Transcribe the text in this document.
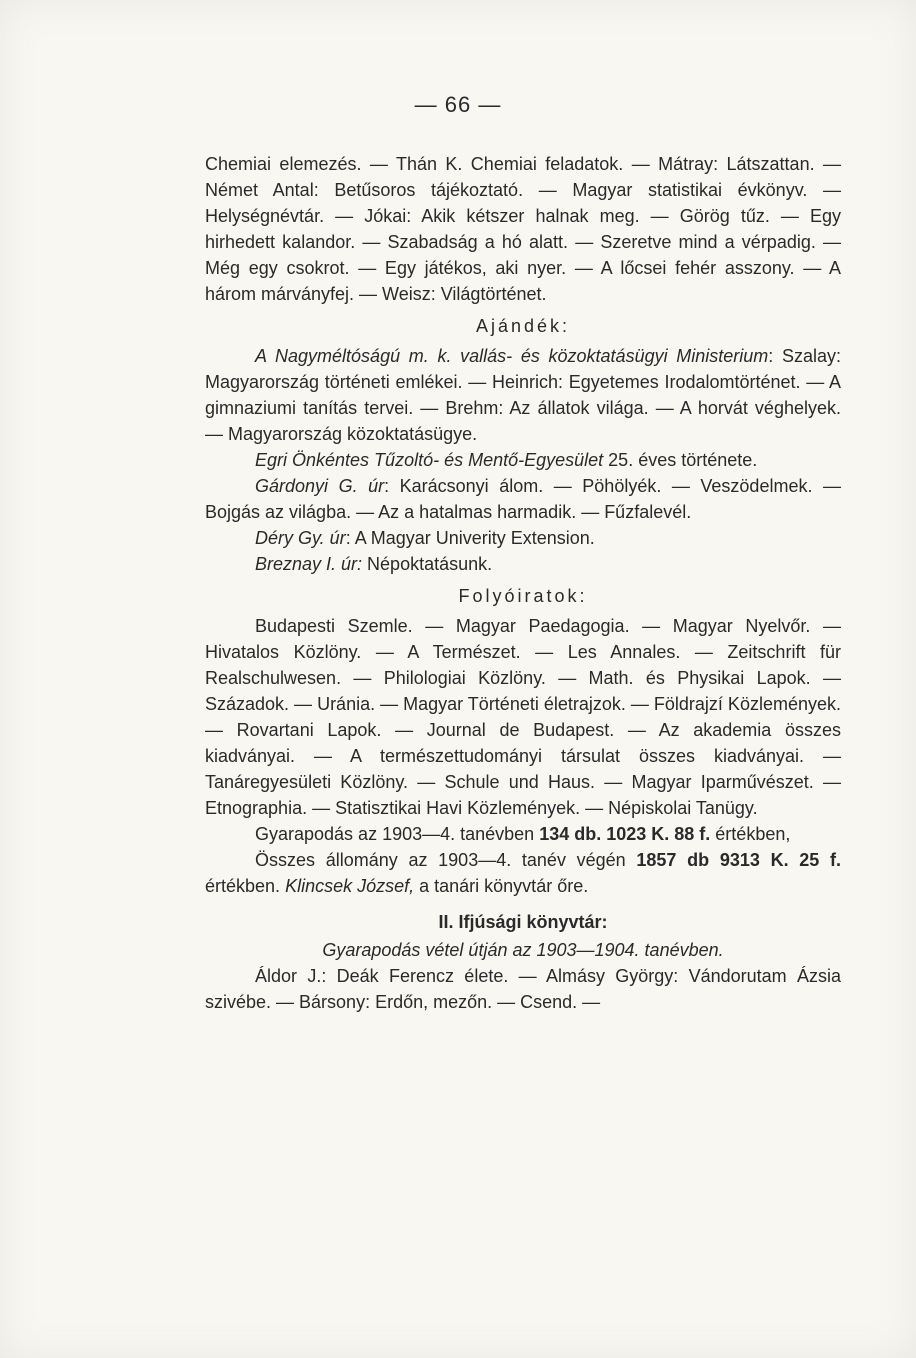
— 66 —

Chemiai elemezés. — Thán K. Chemiai feladatok. — Mátray: Látszattan. — Német Antal: Betűsoros tájékoztató. — Magyar statistikai évkönyv. — Helységnévtár. — Jókai: Akik kétszer halnak meg. — Görög tűz. — Egy hirhedett kalandor. — Szabadság a hó alatt. — Szeretve mind a vérpadig. — Még egy csokrot. — Egy játékos, aki nyer. — A lőcsei fehér asszony. — A három márványfej. — Weisz: Világtörténet.

Ajándék:

A Nagyméltóságú m. k. vallás- és közoktatásügyi Ministerium: Szalay: Magyarország történeti emlékei. — Heinrich: Egyetemes Irodalomtörténet. — A gimnaziumi tanítás tervei. — Brehm: Az állatok világa. — A horvát véghelyek. — Magyarország közoktatásügye.

Egri Önkéntes Tűzoltó- és Mentő-Egyesület 25. éves története.

Gárdonyi G. úr: Karácsonyi álom. — Pöhölyék. — Veszödelmek. — Bojgás az világba. — Az a hatalmas harmadik. — Fűzfalevél.

Déry Gy. úr: A Magyar Univerity Extension.

Breznay I. úr: Népoktatásunk.

Folyóiratok:

Budapesti Szemle. — Magyar Paedagogia. — Magyar Nyelvőr. — Hivatalos Közlöny. — A Természet. — Les Annales. — Zeitschrift für Realschulwesen. — Philologiai Közlöny. — Math. és Physikai Lapok. — Századok. — Uránia. — Magyar Történeti életrajzok. — Földrajzí Közlemények. — Rovartani Lapok. — Journal de Budapest. — Az akademia összes kiadványai. — A természettudományi társulat összes kiadványai. — Tanáregyesületi Közlöny. — Schule und Haus. — Magyar Iparművészet. — Etnographia. — Statisztikai Havi Közlemények. — Népiskolai Tanügy.

Gyarapodás az 1903—4. tanévben 134 db. 1023 K. 88 f. értékben,

Összes állomány az 1903—4. tanév végén 1857 db 9313 K. 25 f. értékben. Klincsek József, a tanári könyvtár őre.

II. Ifjúsági könyvtár:

Gyarapodás vétel útján az 1903—1904. tanévben.

Áldor J.: Deák Ferencz élete. — Almásy György: Vándorutam Ázsia szivébe. — Bársony: Erdőn, mezőn. — Csend. —
